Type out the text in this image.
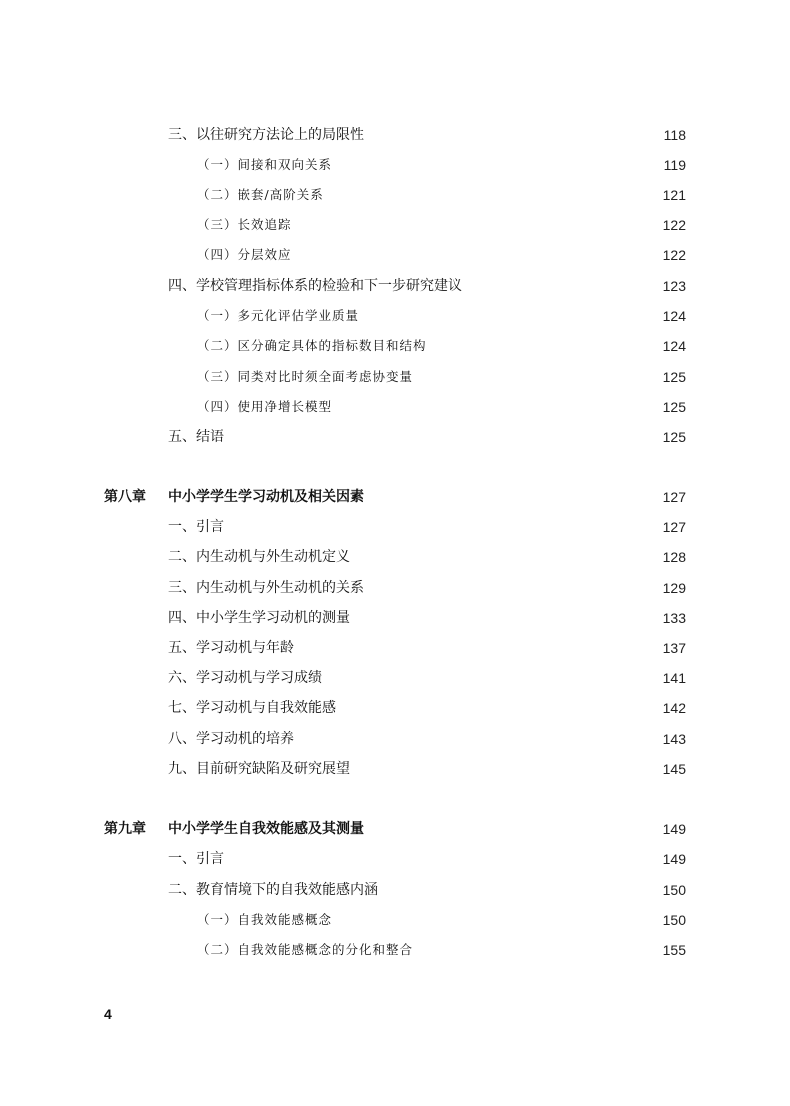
三、以往研究方法论上的局限性	118
（一）间接和双向关系	119
（二）嵌套/高阶关系	121
（三）长效追踪	122
（四）分层效应	122
四、学校管理指标体系的检验和下一步研究建议	123
（一）多元化评估学业质量	124
（二）区分确定具体的指标数目和结构	124
（三）同类对比时须全面考虑协变量	125
（四）使用净增长模型	125
五、结语	125
第八章 中小学学生学习动机及相关因素	127
一、引言	127
二、内生动机与外生动机定义	128
三、内生动机与外生动机的关系	129
四、中小学生学习动机的测量	133
五、学习动机与年龄	137
六、学习动机与学习成绩	141
七、学习动机与自我效能感	142
八、学习动机的培养	143
九、目前研究缺陷及研究展望	145
第九章 中小学学生自我效能感及其测量	149
一、引言	149
二、教育情境下的自我效能感内涵	150
（一）自我效能感概念	150
（二）自我效能感概念的分化和整合	155
4
